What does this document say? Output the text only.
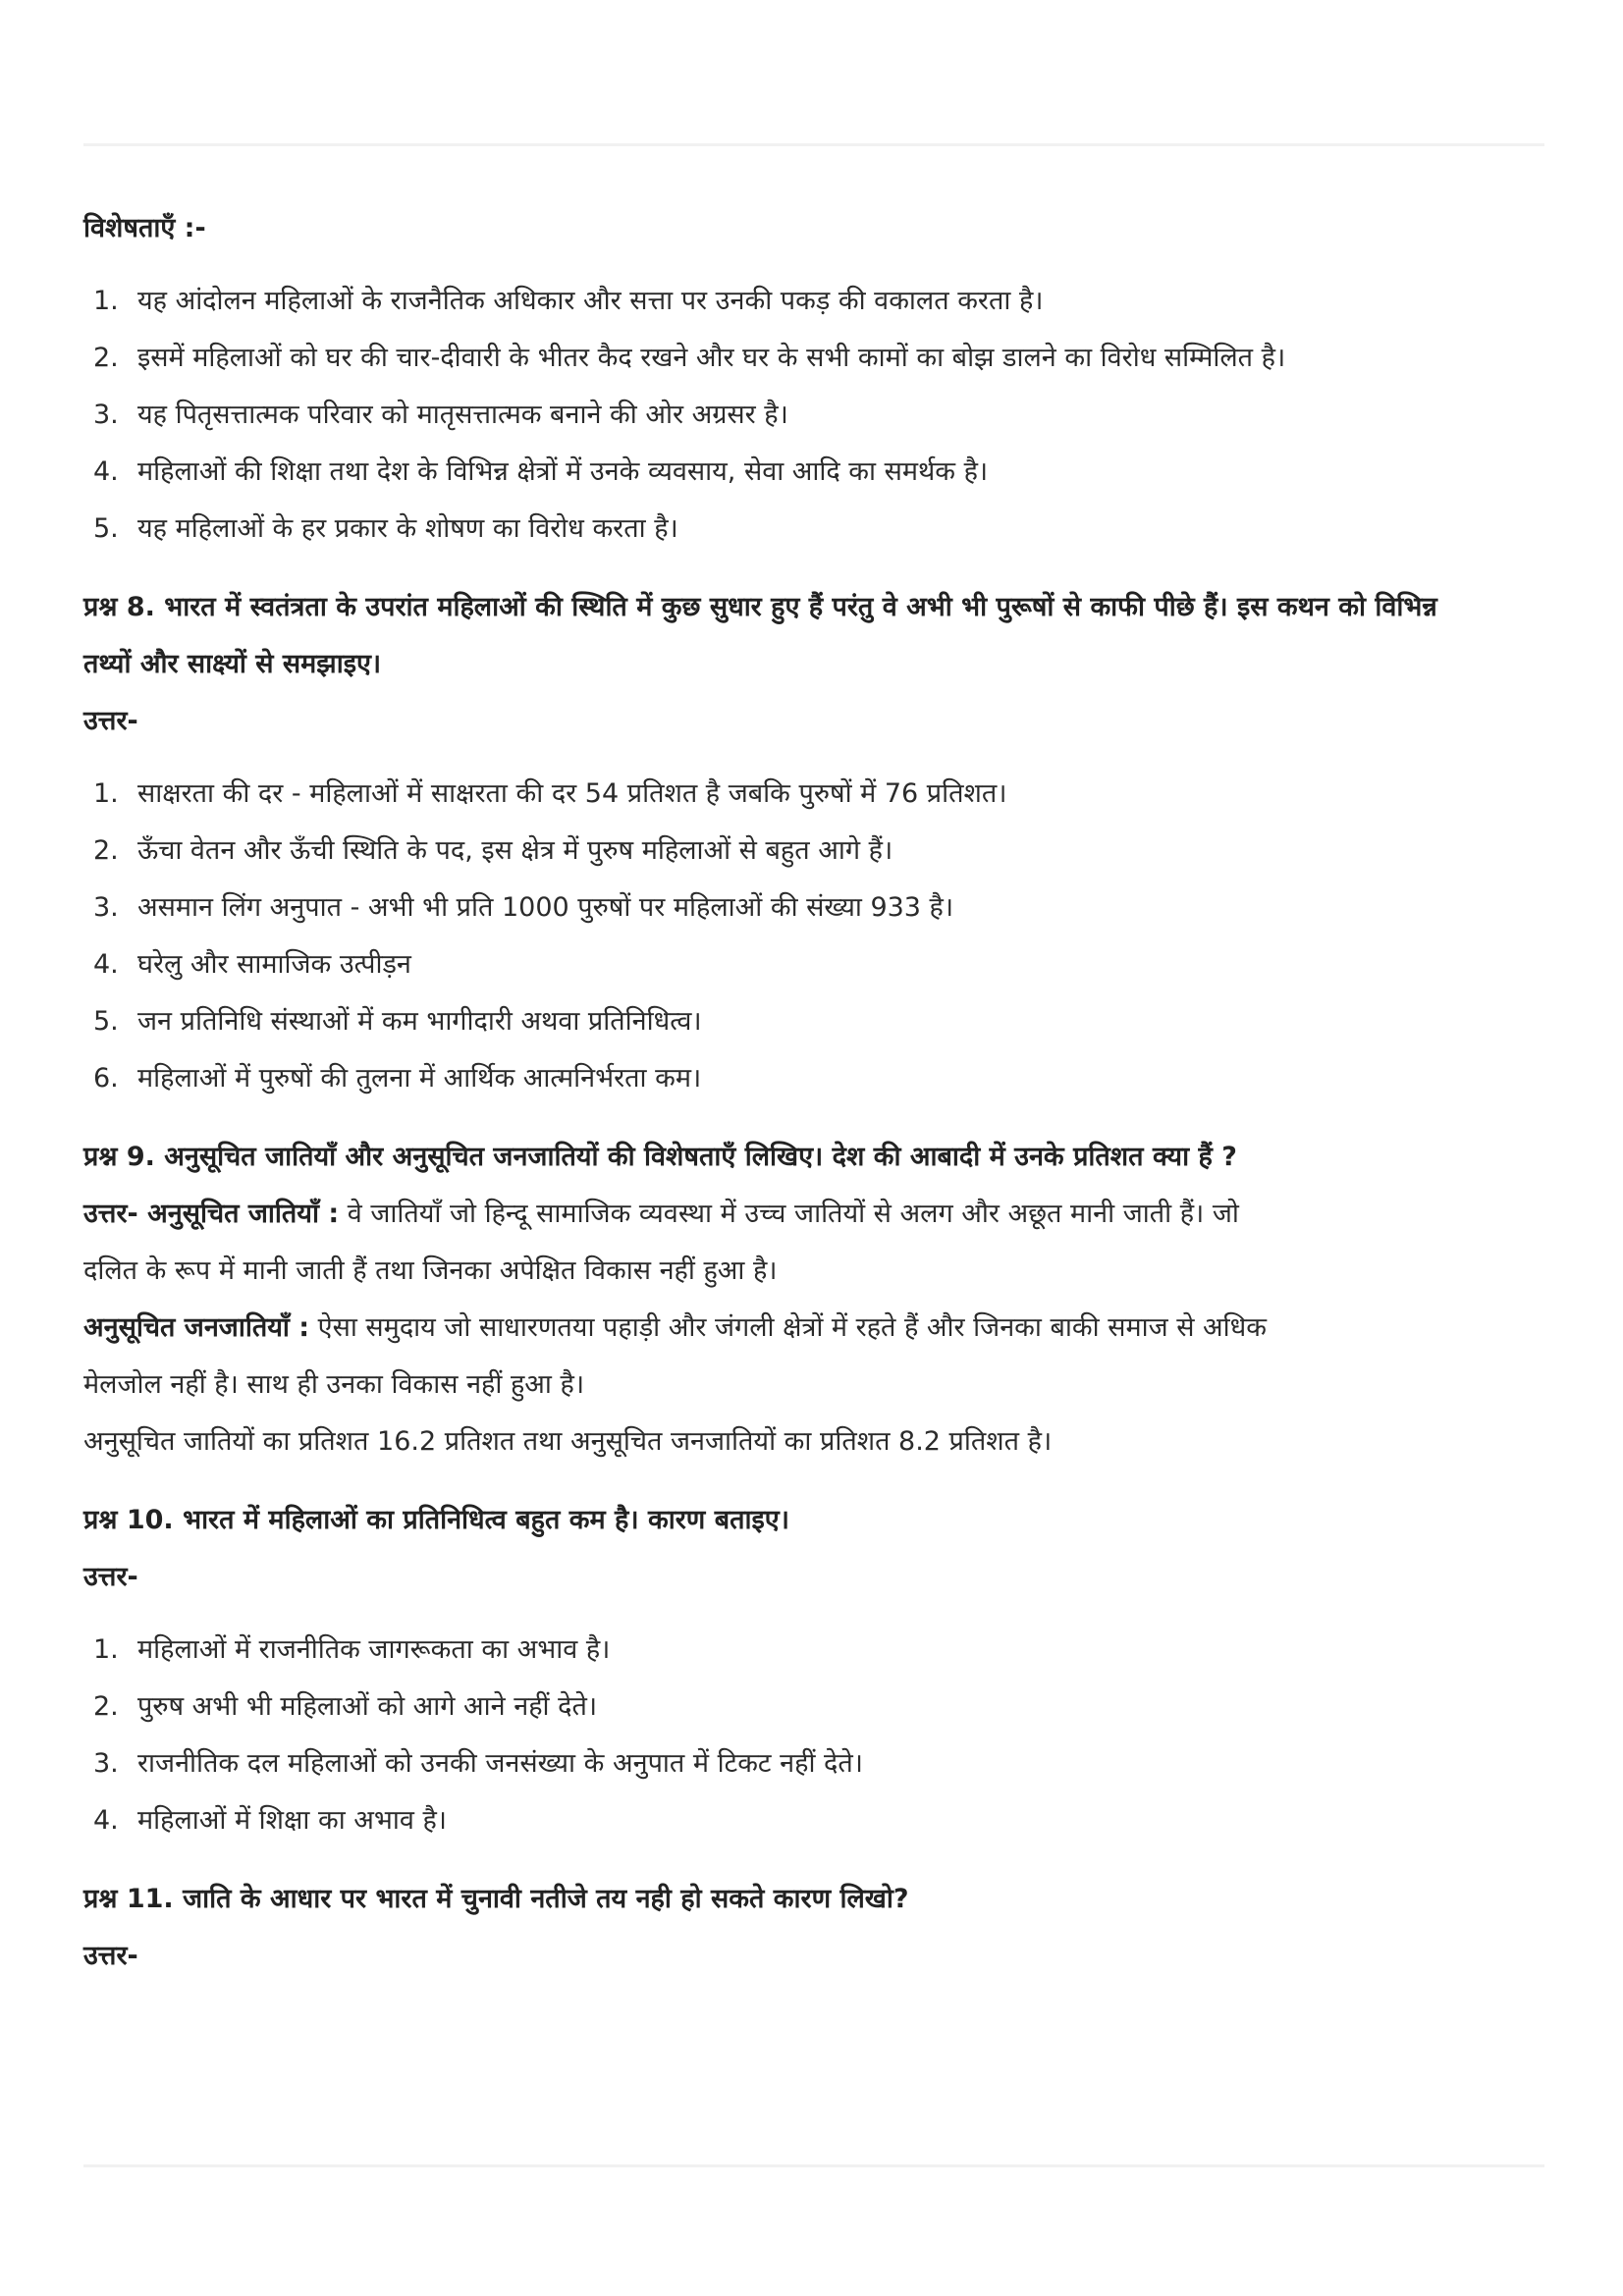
विशेषताएँ :-

1. यह आंदोलन महिलाओं के राजनैतिक अधिकार और सत्ता पर उनकी पकड़ की वकालत करता है।
2. इसमें महिलाओं को घर की चार-दीवारी के भीतर कैद रखने और घर के सभी कामों का बोझ डालने का विरोध सम्मिलित है।
3. यह पितृसत्तात्मक परिवार को मातृसत्तात्मक बनाने की ओर अग्रसर है।
4. महिलाओं की शिक्षा तथा देश के विभिन्न क्षेत्रों में उनके व्यवसाय, सेवा आदि का समर्थक है।
5. यह महिलाओं के हर प्रकार के शोषण का विरोध करता है।

प्रश्न 8. भारत में स्वतंत्रता के उपरांत महिलाओं की स्थिति में कुछ सुधार हुए हैं परंतु वे अभी भी पुरूषों से काफी पीछे हैं। इस कथन को विभिन्न
तथ्यों और साक्ष्यों से समझाइए।

उत्तर-

1. साक्षरता की दर - महिलाओं में साक्षरता की दर 54 प्रतिशत है जबकि पुरुषों में 76 प्रतिशत।
2. ऊँचा वेतन और ऊँची स्थिति के पद, इस क्षेत्र में पुरुष महिलाओं से बहुत आगे हैं।
3. असमान लिंग अनुपात - अभी भी प्रति 1000 पुरुषों पर महिलाओं की संख्या 933 है।
4. घरेलु और सामाजिक उत्पीड़न
5. जन प्रतिनिधि संस्थाओं में कम भागीदारी अथवा प्रतिनिधित्व।
6. महिलाओं में पुरुषों की तुलना में आर्थिक आत्मनिर्भरता कम।

प्रश्न 9. अनुसूचित जातियाँ और अनुसूचित जनजातियों की विशेषताएँ लिखिए। देश की आबादी में उनके प्रतिशत क्या हैं ?

उत्तर- अनुसूचित जातियाँ : वे जातियाँ जो हिन्दू सामाजिक व्यवस्था में उच्च जातियों से अलग और अछूत मानी जाती हैं। जो
दलित के रूप में मानी जाती हैं तथा जिनका अपेक्षित विकास नहीं हुआ है।

अनुसूचित जनजातियाँ : ऐसा समुदाय जो साधारणतया पहाड़ी और जंगली क्षेत्रों में रहते हैं और जिनका बाकी समाज से अधिक
मेलजोल नहीं है। साथ ही उनका विकास नहीं हुआ है।

अनुसूचित जातियों का प्रतिशत 16.2 प्रतिशत तथा अनुसूचित जनजातियों का प्रतिशत 8.2 प्रतिशत है।

प्रश्न 10. भारत में महिलाओं का प्रतिनिधित्व बहुत कम है। कारण बताइए।

उत्तर-

1. महिलाओं में राजनीतिक जागरूकता का अभाव है।
2. पुरुष अभी भी महिलाओं को आगे आने नहीं देते।
3. राजनीतिक दल महिलाओं को उनकी जनसंख्या के अनुपात में टिकट नहीं देते।
4. महिलाओं में शिक्षा का अभाव है।

प्रश्न 11. जाति के आधार पर भारत में चुनावी नतीजे तय नही हो सकते कारण लिखो?

उत्तर-
